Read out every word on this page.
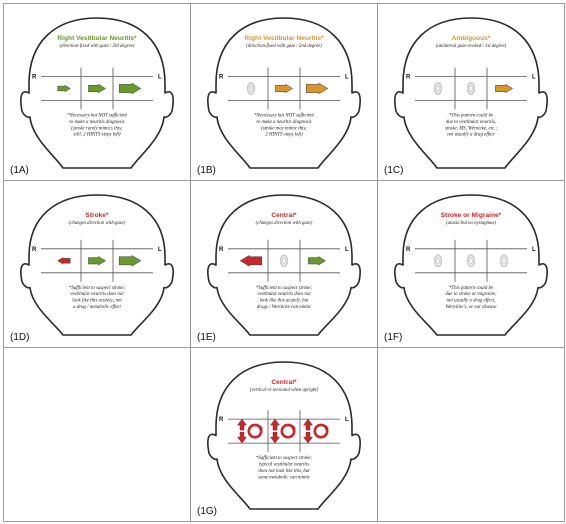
Right Vestibular Neuritis*
(direction-fixed with gaze / 3rd degree)
R	L
*Necessary but NOT sufficient
to make a neuritis diagnosis
(stroke rarely mimics this;
still, 2 HINTS steps left)
(1A)
Right Vestibular Neuritis*
(direction-fixed with gaze / 2nd degree)
R	L
*Necessary but NOT sufficient
to make a neuritis diagnosis
(stroke may mimic this;
2 HINTS steps left)
(1B)
Ambiguous*
(unilateral gaze-evoked / 1st degree)
R	L
*This pattern could be
due to vestibular neuritis,
stroke, MS, Wernicke, etc.;
not usually a drug effect
(1C)
Stroke*
(changes direction with gaze)
R	L
*Sufficient to suspect stroke;
vestibular neuritis does not
look like this acutely; not
a drug / metabolic effect
(1D)
Central*
(changes direction with gaze)
R	L
*Sufficient to suspect stroke;
vestibular neuritis does not
look like this acutely, but
drugs / Wernicke can mimic
(1E)
Stroke or Migraine*
(ataxia but no nystagmus)
R	L
*This pattern could be
due to stroke or migraine;
not usually a drug effect,
Wernicke's, or ear disease
(1F)
Central*
(vertical or torsional when upright)
R	L
*Sufficient to suspect stroke;
typical vestibular neuritis
does not look like this, but
some metabolic can mimic
(1G)
